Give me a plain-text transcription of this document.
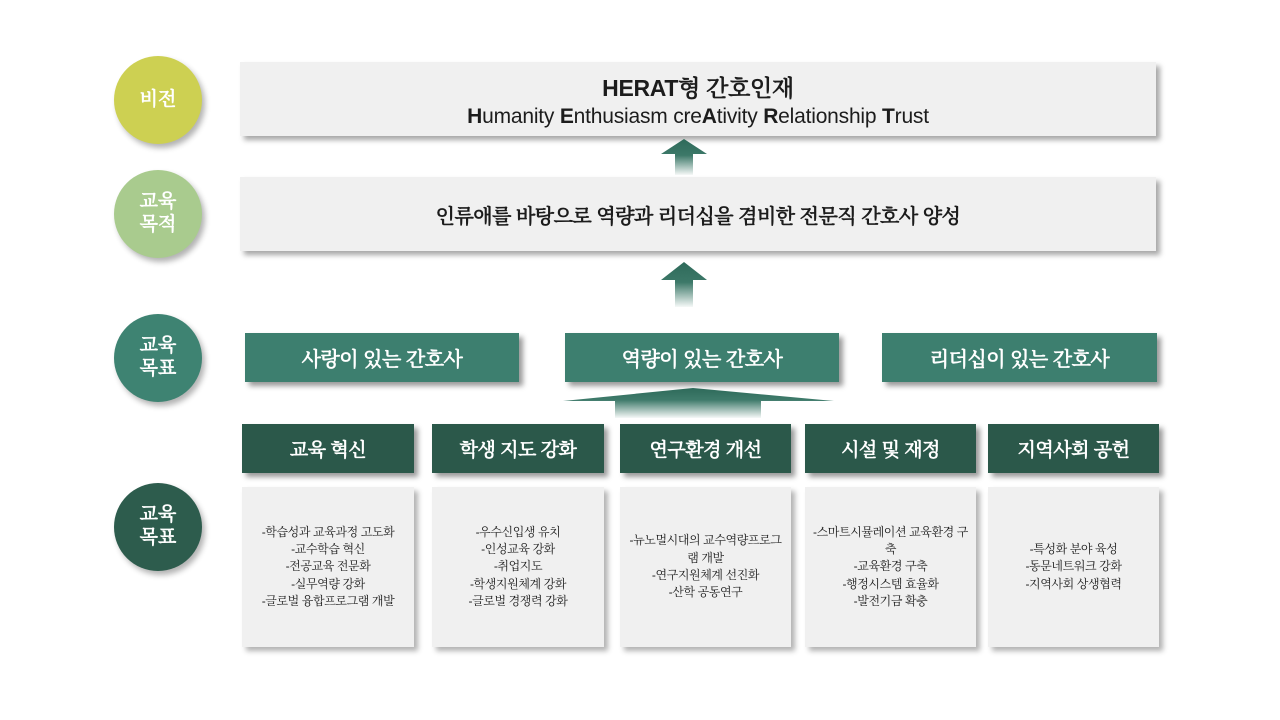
비전
교육
목적
교육
목표
교육
목표
HERAT형 간호인재
Humanity Enthusiasm creAtivity Relationship Trust
인류애를 바탕으로 역량과 리더십을 겸비한 전문직 간호사 양성
사랑이 있는 간호사	역량이 있는 간호사	리더십이 있는 간호사
교육 혁신
-학습성과 교육과정 고도화
-교수학습 혁신
-전공교육 전문화
-실무역량 강화
-글로벌 융합프로그램 개발
학생 지도 강화
-우수신입생 유치
-인성교육 강화
-취업지도
-학생지원체계 강화
-글로벌 경쟁력 강화
연구환경 개선
-뉴노멀시대의 교수역량프로그램 개발
-연구지원체계 선진화
-산학 공동연구
시설 및 재정
-스마트시뮬레이션 교육환경 구축
-교육환경 구축
-행정시스템 효율화
-발전기금 확충
지역사회 공헌
-특성화 분야 육성
-동문네트워크 강화
-지역사회 상생협력
